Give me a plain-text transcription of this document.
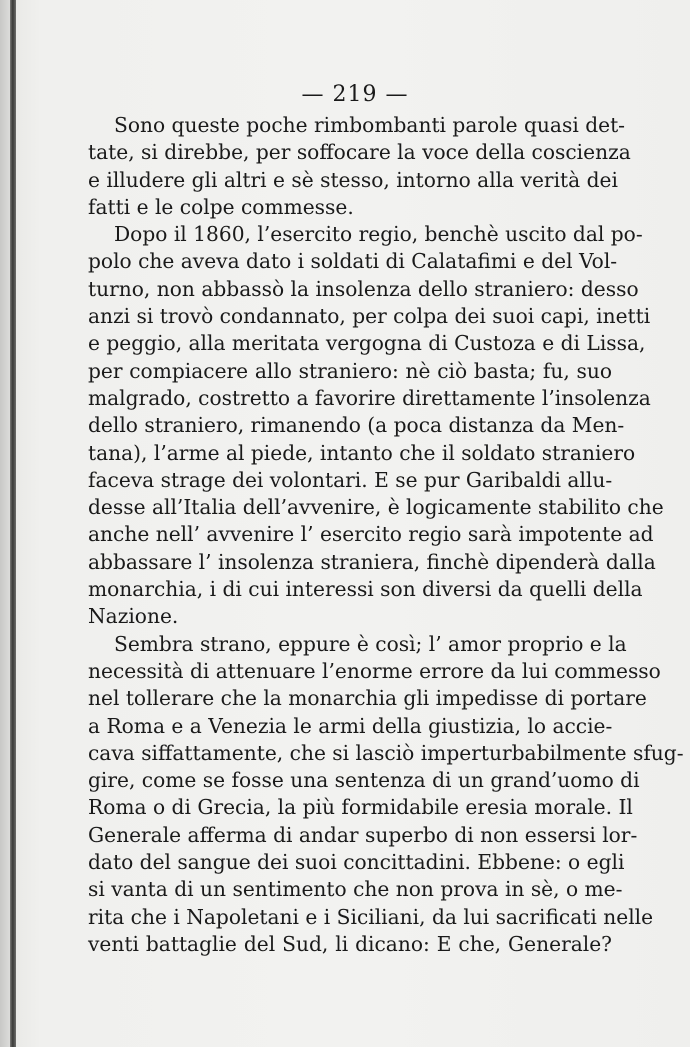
— 219 —
Sono queste poche rimbombanti parole quasi det-
tate, si direbbe, per soffocare la voce della coscienza
e illudere gli altri e sè stesso, intorno alla verità dei
fatti e le colpe commesse.
Dopo il 1860, l’esercito regio, benchè uscito dal po-
polo che aveva dato i soldati di Calatafimi e del Vol-
turno, non abbassò la insolenza dello straniero: desso
anzi si trovò condannato, per colpa dei suoi capi, inetti
e peggio, alla meritata vergogna di Custoza e di Lissa,
per compiacere allo straniero: nè ciò basta; fu, suo
malgrado, costretto a favorire direttamente l’insolenza
dello straniero, rimanendo (a poca distanza da Men-
tana), l’arme al piede, intanto che il soldato straniero
faceva strage dei volontari. E se pur Garibaldi allu-
desse all’Italia dell’avvenire, è logicamente stabilito che
anche nell’ avvenire l’ esercito regio sarà impotente ad
abbassare l’ insolenza straniera, finchè dipenderà dalla
monarchia, i di cui interessi son diversi da quelli della
Nazione.
Sembra strano, eppure è così; l’ amor proprio e la
necessità di attenuare l’enorme errore da lui commesso
nel tollerare che la monarchia gli impedisse di portare
a Roma e a Venezia le armi della giustizia, lo accie-
cava siffattamente, che si lasciò imperturbabilmente sfug-
gire, come se fosse una sentenza di un grand’uomo di
Roma o di Grecia, la più formidabile eresia morale. Il
Generale afferma di andar superbo di non essersi lor-
dato del sangue dei suoi concittadini. Ebbene: o egli
si vanta di un sentimento che non prova in sè, o me-
rita che i Napoletani e i Siciliani, da lui sacrificati nelle
venti battaglie del Sud, li dicano: E che, Generale?
